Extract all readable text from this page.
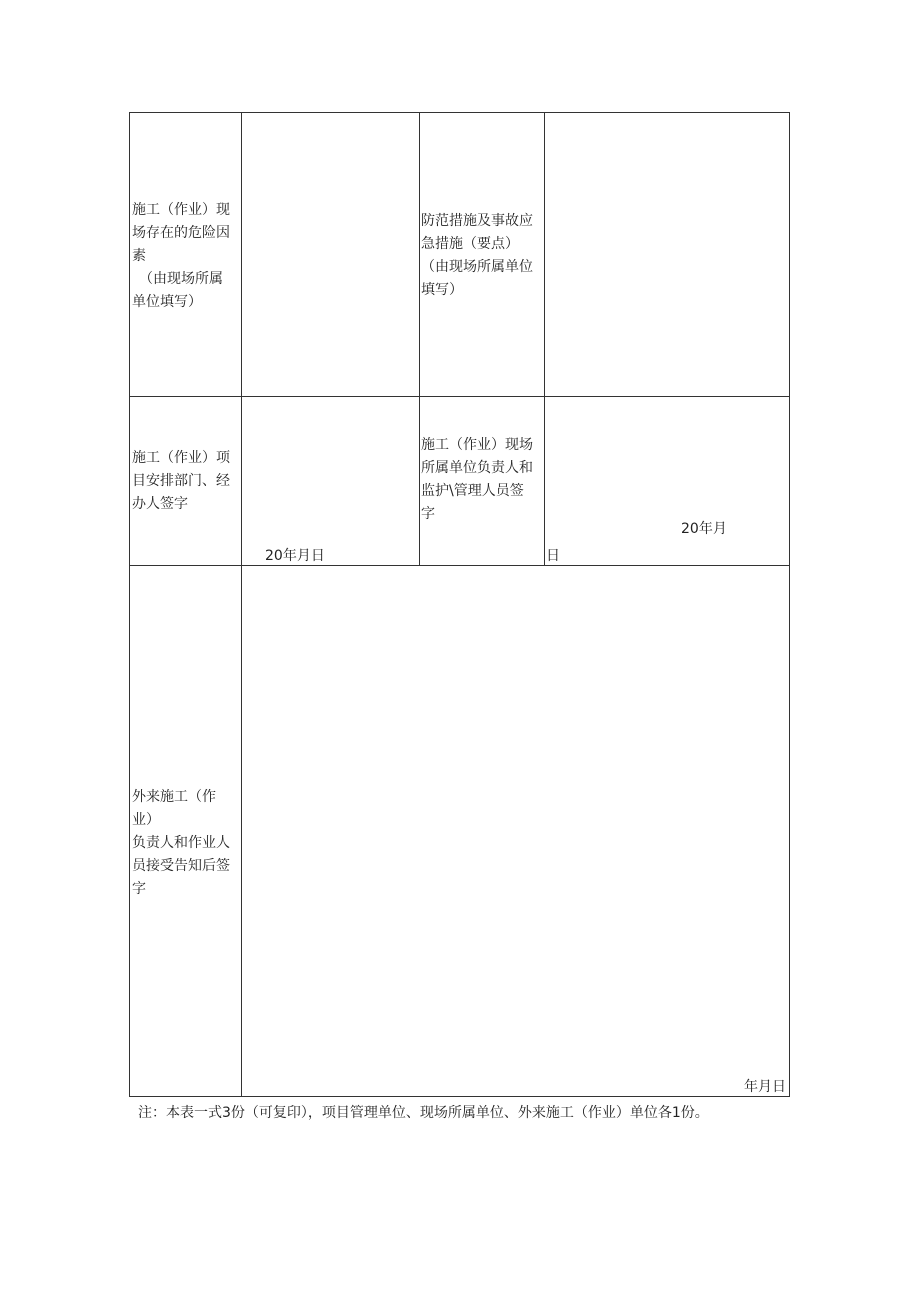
施工（作业）现
场存在的危险因
素
　（由现场所属
单位填写）
防范措施及事故应
急措施（要点）
（由现场所属单位
填写）
施工（作业）项
目安排部门、经
办人签字
20年月日
施工（作业）现场
所属单位负责人和
监护\管理人员签
字
20年月
日
外来施工（作业）
负责人和作业人
员接受告知后签
字
年月日
注：本表一式3份（可复印），项目管理单位、现场所属单位、外来施工（作业）单位各1份。
